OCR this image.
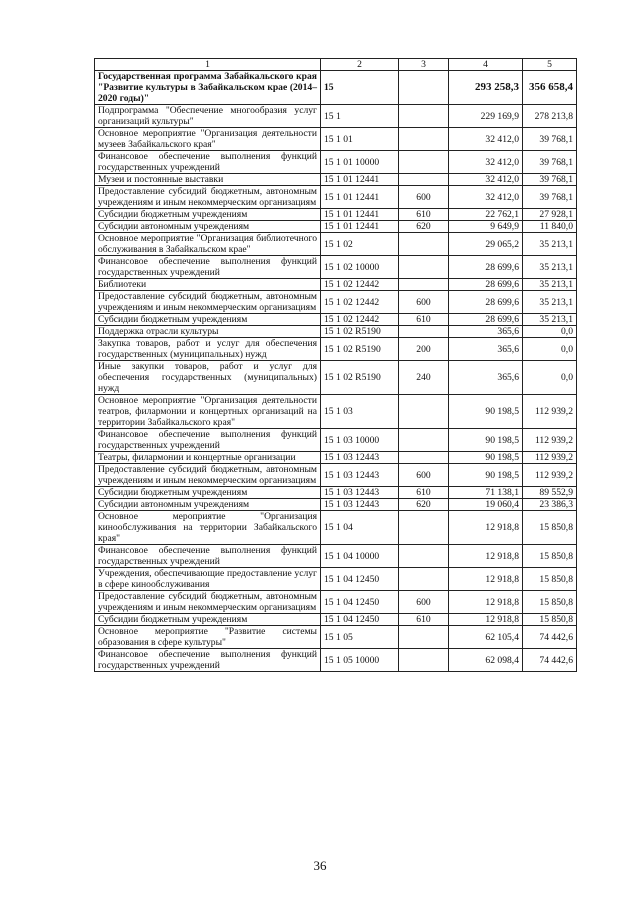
1	2	3	4	5
Государственная программа Забайкальского края "Развитие культуры в Забайкальском крае (2014–2020 годы)"	15		293 258,3	356 658,4
Подпрограмма "Обеспечение многообразия услуг организаций культуры"	15 1		229 169,9	278 213,8
Основное мероприятие "Организация деятельности музеев Забайкальского края"	15 1 01		32 412,0	39 768,1
Финансовое обеспечение выполнения функций государственных учреждений	15 1 01 10000		32 412,0	39 768,1
Музеи и постоянные выставки	15 1 01 12441		32 412,0	39 768,1
Предоставление субсидий бюджетным, автономным учреждениям и иным некоммерческим организациям	15 1 01 12441	600	32 412,0	39 768,1
Субсидии бюджетным учреждениям	15 1 01 12441	610	22 762,1	27 928,1
Субсидии автономным учреждениям	15 1 01 12441	620	9 649,9	11 840,0
Основное мероприятие "Организация библиотечного обслуживания в Забайкальском крае"	15 1 02		29 065,2	35 213,1
Финансовое обеспечение выполнения функций государственных учреждений	15 1 02 10000		28 699,6	35 213,1
Библиотеки	15 1 02 12442		28 699,6	35 213,1
Предоставление субсидий бюджетным, автономным учреждениям и иным некоммерческим организациям	15 1 02 12442	600	28 699,6	35 213,1
Субсидии бюджетным учреждениям	15 1 02 12442	610	28 699,6	35 213,1
Поддержка отрасли культуры	15 1 02 R5190		365,6	0,0
Закупка товаров, работ и услуг для обеспечения государственных (муниципальных) нужд	15 1 02 R5190	200	365,6	0,0
Иные закупки товаров, работ и услуг для обеспечения государственных (муниципальных) нужд	15 1 02 R5190	240	365,6	0,0
Основное мероприятие "Организация деятельности театров, филармонии и концертных организаций на территории Забайкальского края"	15 1 03		90 198,5	112 939,2
Финансовое обеспечение выполнения функций государственных учреждений	15 1 03 10000		90 198,5	112 939,2
Театры, филармонии и концертные организации	15 1 03 12443		90 198,5	112 939,2
Предоставление субсидий бюджетным, автономным учреждениям и иным некоммерческим организациям	15 1 03 12443	600	90 198,5	112 939,2
Субсидии бюджетным учреждениям	15 1 03 12443	610	71 138,1	89 552,9
Субсидии автономным учреждениям	15 1 03 12443	620	19 060,4	23 386,3
Основное мероприятие "Организация кинообслуживания на территории Забайкальского края"	15 1 04		12 918,8	15 850,8
Финансовое обеспечение выполнения функций государственных учреждений	15 1 04 10000		12 918,8	15 850,8
Учреждения, обеспечивающие предоставление услуг в сфере кинообслуживания	15 1 04 12450		12 918,8	15 850,8
Предоставление субсидий бюджетным, автономным учреждениям и иным некоммерческим организациям	15 1 04 12450	600	12 918,8	15 850,8
Субсидии бюджетным учреждениям	15 1 04 12450	610	12 918,8	15 850,8
Основное мероприятие "Развитие системы образования в сфере культуры"	15 1 05		62 105,4	74 442,6
Финансовое обеспечение выполнения функций государственных учреждений	15 1 05 10000		62 098,4	74 442,6
36
